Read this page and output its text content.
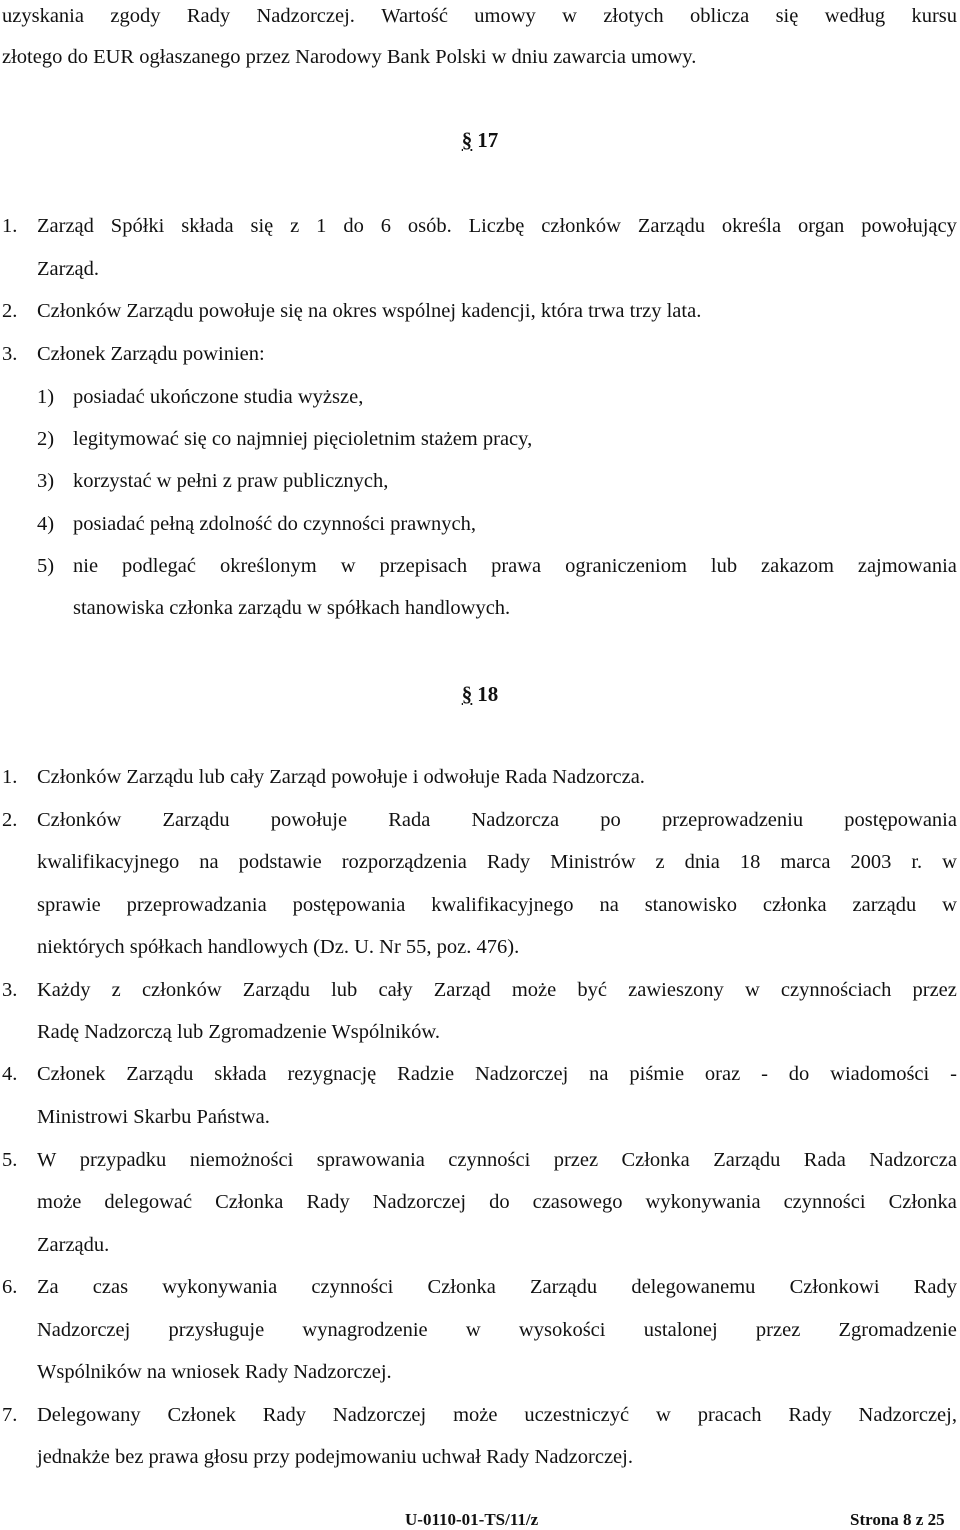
uzyskania zgody Rady Nadzorczej. Wartość umowy w złotych oblicza się według kursu
złotego do EUR ogłaszanego przez Narodowy Bank Polski w dniu zawarcia umowy.
§ 17
1. Zarząd Spółki składa się z 1 do 6 osób. Liczbę członków Zarządu określa organ powołujący
Zarząd.
2. Członków Zarządu powołuje się na okres wspólnej kadencji, która trwa trzy lata.
3. Członek Zarządu powinien:
1) posiadać ukończone studia wyższe,
2) legitymować się co najmniej pięcioletnim stażem pracy,
3) korzystać w pełni z praw publicznych,
4) posiadać pełną zdolność do czynności prawnych,
5) nie podlegać określonym w przepisach prawa ograniczeniom lub zakazom zajmowania
stanowiska członka zarządu w spółkach handlowych.
§ 18
1. Członków Zarządu lub cały Zarząd powołuje i odwołuje Rada Nadzorcza.
2. Członków Zarządu powołuje Rada Nadzorcza po przeprowadzeniu postępowania
kwalifikacyjnego na podstawie rozporządzenia Rady Ministrów z dnia 18 marca 2003 r. w
sprawie przeprowadzania postępowania kwalifikacyjnego na stanowisko członka zarządu w
niektórych spółkach handlowych (Dz. U. Nr 55, poz. 476).
3. Każdy z członków Zarządu lub cały Zarząd może być zawieszony w czynnościach przez
Radę Nadzorczą lub Zgromadzenie Wspólników.
4. Członek Zarządu składa rezygnację Radzie Nadzorczej na piśmie oraz - do wiadomości -
Ministrowi Skarbu Państwa.
5. W przypadku niemożności sprawowania czynności przez Członka Zarządu Rada Nadzorcza
może delegować Członka Rady Nadzorczej do czasowego wykonywania czynności Członka
Zarządu.
6. Za czas wykonywania czynności Członka Zarządu delegowanemu Członkowi Rady
Nadzorczej przysługuje wynagrodzenie w wysokości ustalonej przez Zgromadzenie
Wspólników na wniosek Rady Nadzorczej.
7. Delegowany Członek Rady Nadzorczej może uczestniczyć w pracach Rady Nadzorczej,
jednakże bez prawa głosu przy podejmowaniu uchwał Rady Nadzorczej.
U-0110-01-TS/11/z	Strona 8 z 25
